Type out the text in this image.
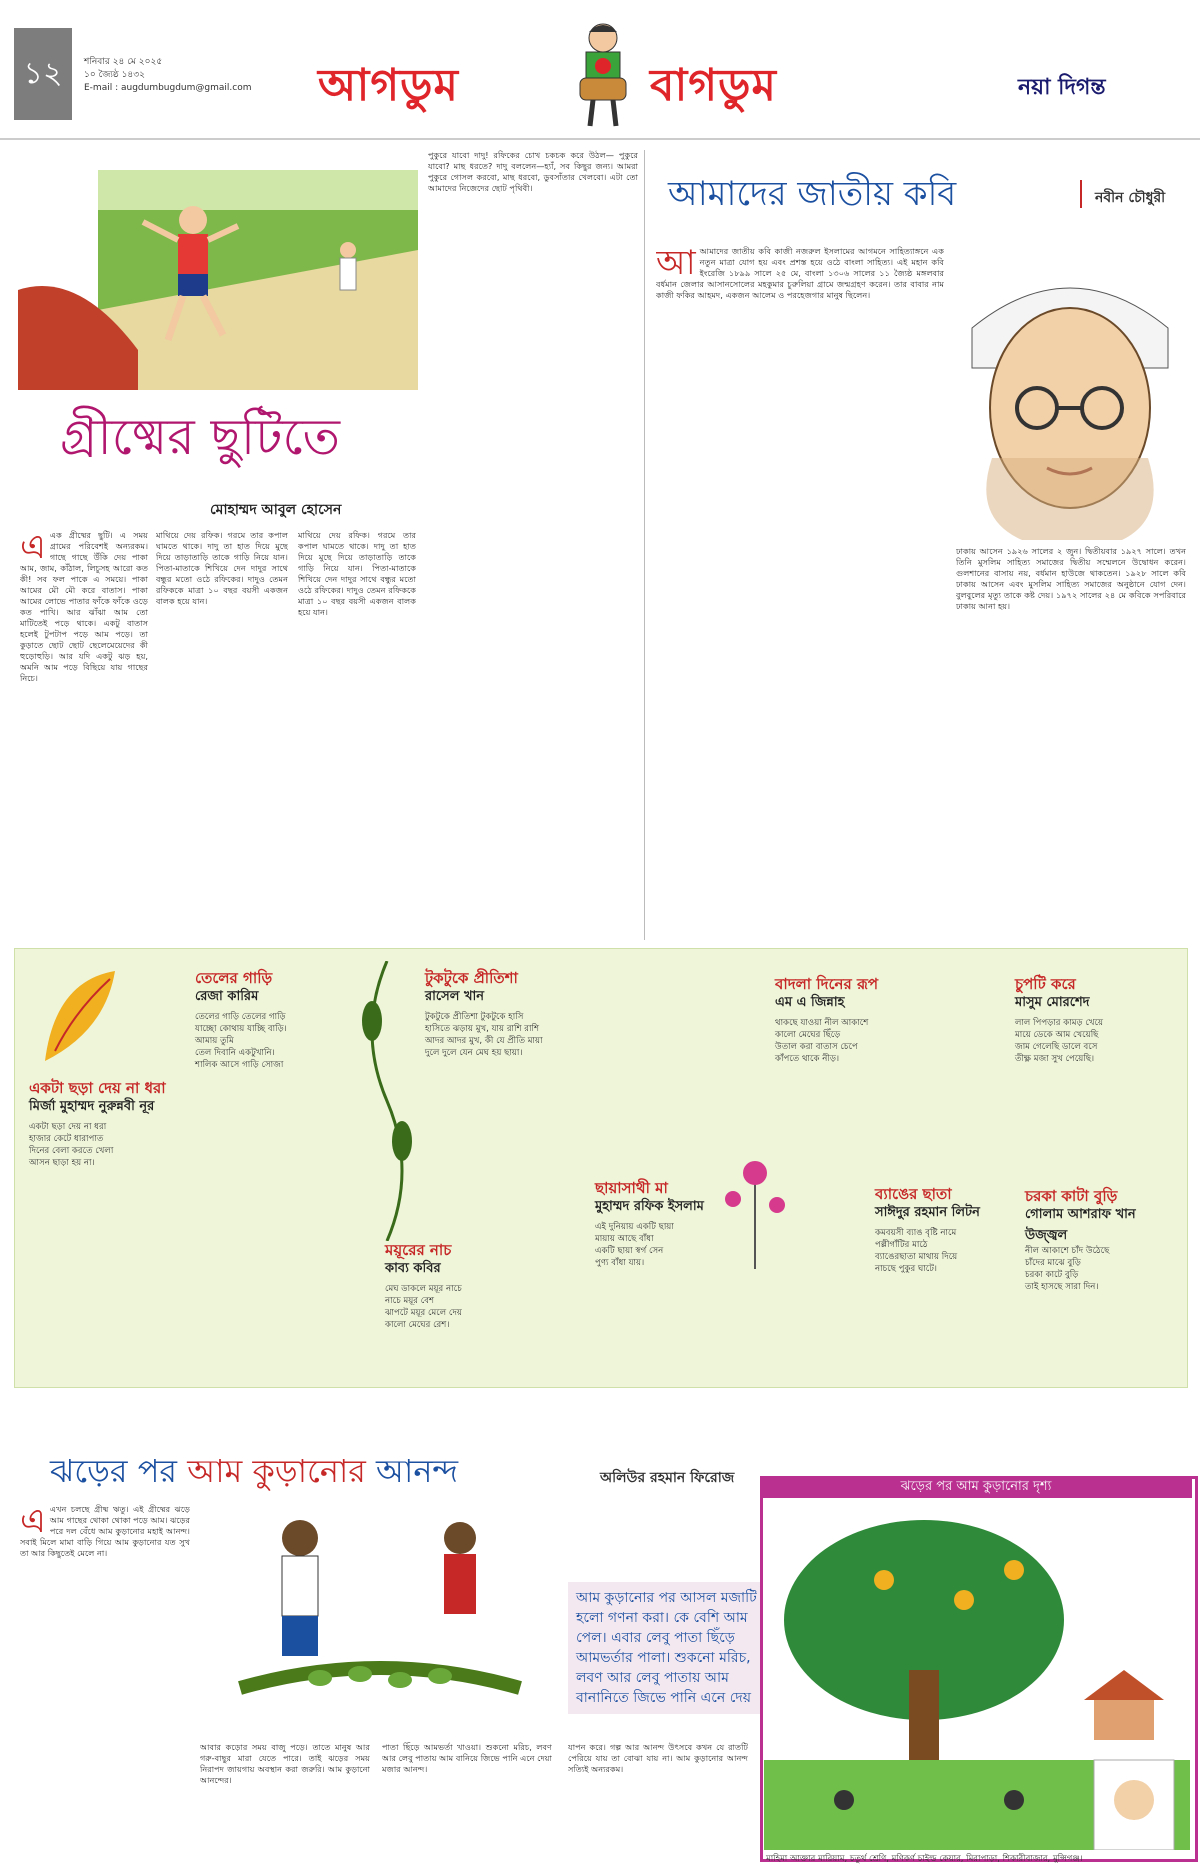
১২	শনিবার ২৪ মে ২০২৫
১০ জ্যৈষ্ঠ ১৪৩২
E-mail : augdumbugdum@gmail.com আগডুম	বাগডুম	নয়া দিগন্ত
গ্রীষ্মের ছুটিতে
মোহাম্মদ আবুল হোসেন
এএক গ্রীষ্মের ছুটি। এ সময় গ্রামের পরিবেশই অন্যরকম। গাছে গাছে উঁকি দেয় পাকা আম, জাম, কাঁঠাল, লিচুসহ আরো কত কী! সব ফল পাকে এ সময়ে। পাকা আমের মৌ মৌ করে বাতাস। পাকা আমের লোভে পাতার ফাঁকে ফাঁকে ওড়ে কত পাখি। আর ঝাঁঝা আম তো মাটিতেই পড়ে থাকে। একটু বাতাস হলেই টুপটাপ পড়ে আম পড়ে। তা কুড়াতে ছোট ছোট ছেলেমেয়েদের কী হুড়োহুড়ি। আর যদি একটু ঝড় হয়, অমনি আম পড়ে বিছিয়ে যায় গাছের নিচে।
মাথিয়ে দেয় রফিক। গরমে তার কপাল ঘামতে থাকে। দাদু তা হাত দিয়ে মুছে দিয়ে তাড়াতাড়ি তাকে গাড়ি নিয়ে যান। পিতা-মাতাকে শিখিয়ে দেন দাদুর সাথে বন্ধুর মতো ওঠে রফিকের। দাদুও তেমন রফিককে মাত্রা ১০ বছর বয়সী একজন বালক হয়ে যান।
মাথিয়ে দেয় রফিক। গরমে তার কপাল ঘামতে থাকে। দাদু তা হাত দিয়ে মুছে দিয়ে তাড়াতাড়ি তাকে গাড়ি নিয়ে যান। পিতা-মাতাকে শিখিয়ে দেন দাদুর সাথে বন্ধুর মতো ওঠে রফিকের। দাদুও তেমন রফিককে মাত্রা ১০ বছর বয়সী একজন বালক হয়ে যান।
পুকুরে যাবো দাদু! রফিকের চোখ চকচক করে উঠল— পুকুরে যাবো? মাছ ধরতে? দাদু বললেন—হ্যাঁ, সব কিছুর জন্য। আমরা পুকুরে গোসল করবো, মাছ ধরবো, ডুবসাঁতার খেলবো। এটা তো আমাদের নিজেদের ছোট পৃথিবী।	আমাদের জাতীয় কবি	নবীন চৌধুরী
আআমাদের জাতীয় কবি কাজী নজরুল ইসলামের আগমনে সাহিত্যাঙ্গনে এক নতুন মাত্রা যোগ হয় এবং প্রশস্ত হয়ে ওঠে বাংলা সাহিত্য। এই মহান কবি ইংরেজি ১৮৯৯ সালে ২৫ মে, বাংলা ১৩০৬ সালের ১১ জ্যৈষ্ঠ মঙ্গলবার বর্ধমান জেলার আসানসোলের মহকুমার চুরুলিয়া গ্রামে জন্মগ্রহণ করেন। তার বাবার নাম কাজী ফকির আহমদ, একজন আলেম ও পরহেজগার মানুষ ছিলেন।
ঢাকায় আসেন ১৯২৬ সালের ২ জুন। দ্বিতীয়বার ১৯২৭ সালে। তখন তিনি মুসলিম সাহিত্য সমাজের দ্বিতীয় সম্মেলনে উদ্বোধন করেন। গুলশানের বাসায় নয়, বর্ধমান হাউজে থাকতেন। ১৯২৮ সালে কবি ঢাকায় আসেন এবং মুসলিম সাহিত্য সমাজের অনুষ্ঠানে যোগ দেন। বুলবুলের মৃত্যু তাকে কষ্ট দেয়। ১৯৭২ সালের ২৪ মে কবিকে সপরিবারে ঢাকায় আনা হয়।
তেলের গাড়ি
রেজা কারিম
তেলের গাড়ি তেলের গাড়ি
যাচ্ছো কোথায় যাচ্ছি বাড়ি।
আমায় তুমি
তেল দিবানি একটুখানি।
শালিক আসে গাড়ি সোজা
টুকটুকে প্রীতিশা
রাসেল খান
টুকটুকে প্রীতিশা টুকটুকে হাসি
হাসিতে ঝড়ায় মুখ, যায় রাশি রাশি
আদর আদর মুখ, কী যে প্রীতি মায়া
দুলে দুলে যেন মেঘ হয় ছায়া।
বাদলা দিনের রূপ
এম এ জিন্নাহ
থাকছে যাওয়া নীল আকাশে
কালো মেঘের ছিঁড়ে
উতাল করা বাতাস চেপে
কাঁপতে থাকে নীড়।
চুপটি করে
মাসুম মোরশেদ
লাল পিপড়ার কামড় খেয়ে
মায়ে ডেকে আম খেয়েছি
জাম গেলেছি ডালে বসে
তীক্ষ্ণ মজা সুখ পেয়েছি।
একটা ছড়া দেয় না ধরা
মির্জা মুহাম্মদ নুরুন্নবী নূর
একটা ছড়া দেয় না ধরা
হাজার কেটে ধারাপাত
দিনের বেলা করতে খেলা
আসন ছাড়া হয় না।
ময়ূরের নাচ
কাব্য কবির
মেঘ ডাকলে ময়ূর নাচে
নাচে ময়ূর বেশ
ঝাপটে ময়ূর মেলে দেয়
কালো মেঘের রেশ।
ছায়াসাথী মা
মুহাম্মদ রফিক ইসলাম
এই দুনিয়ায় একটি ছায়া
মায়ায় আছে বাঁধা
একটি ছায়া স্বর্গ সেন
পুণ্য বাঁধা যায়।
ব্যাঙের ছাতা
সাঈদুর রহমান লিটন
কমবয়সী ব্যাঙ বৃষ্টি নামে
পল্লীগাঁটির মাঠে
ব্যাঙেরছাতা মাথায় দিয়ে
নাচছে পুকুর ঘাটে।
চরকা কাটা বুড়ি
গোলাম আশরাফ খান উজ্জ্বল
নীল আকাশে চাঁদ উঠেছে
চাঁদের মাঝে বুড়ি
চরকা কাটে বুড়ি
তাই হাসছে সারা দিন।
ঝড়ের পর আম কুড়ানোর আনন্দ	অলিউর রহমান ফিরোজ
এএখন চলছে গ্রীষ্ম ঋতু। এই গ্রীষ্মের ঝড়ে আম গাছের থোকা থোকা পড়ে আম। ঝড়ের পরে দল বেঁধে আম কুড়ানোর মহাই আনন্দ। সবাই মিলে মামা বাড়ি গিয়ে আম কুড়ানোর যত সুখ তা আর কিছুতেই মেলে না।
আবার কড়োর সময় বাজু পড়ে। তাতে মানুষ আর গরু-বাছুর মারা যেতে পারে। তাই ঝড়ের সময় নিরাপদ জায়গায় অবস্থান করা জরুরি। আম কুড়ানো আনন্দের।
পাতা ছিঁড়ে আমভর্তা খাওয়া। শুকনো মরিচ, লবণ আর লেবু পাতায় আম বানিয়ে জিভে পানি এনে দেয়া মজার আনন্দ।
যাপন করে। গল্প আর আনন্দ উৎসবে কখন যে রাতটি পেরিয়ে যায় তা বোঝা যায় না। আম কুড়ানোর আনন্দ সত্যিই অন্যরকম।
আম কুড়ানোর পর আসল মজাটি হলো গণনা করা। কে বেশি আম পেল। এবার লেবু পাতা ছিঁড়ে আমভর্তার পালা। শুকনো মরিচ, লবণ আর লেবু পাতায় আম বানানিতে জিভে পানি এনে দেয়
ঝড়ের পর আম কুড়ানোর দৃশ্য
মাহিমা আক্তার মারিয়াম, চতুর্থ শ্রেণি, মণিকর্ণ চাইল্ড কেয়ার, মিরাপাড়া, শিকারীবাজার, মুন্সিগঞ্জ।
